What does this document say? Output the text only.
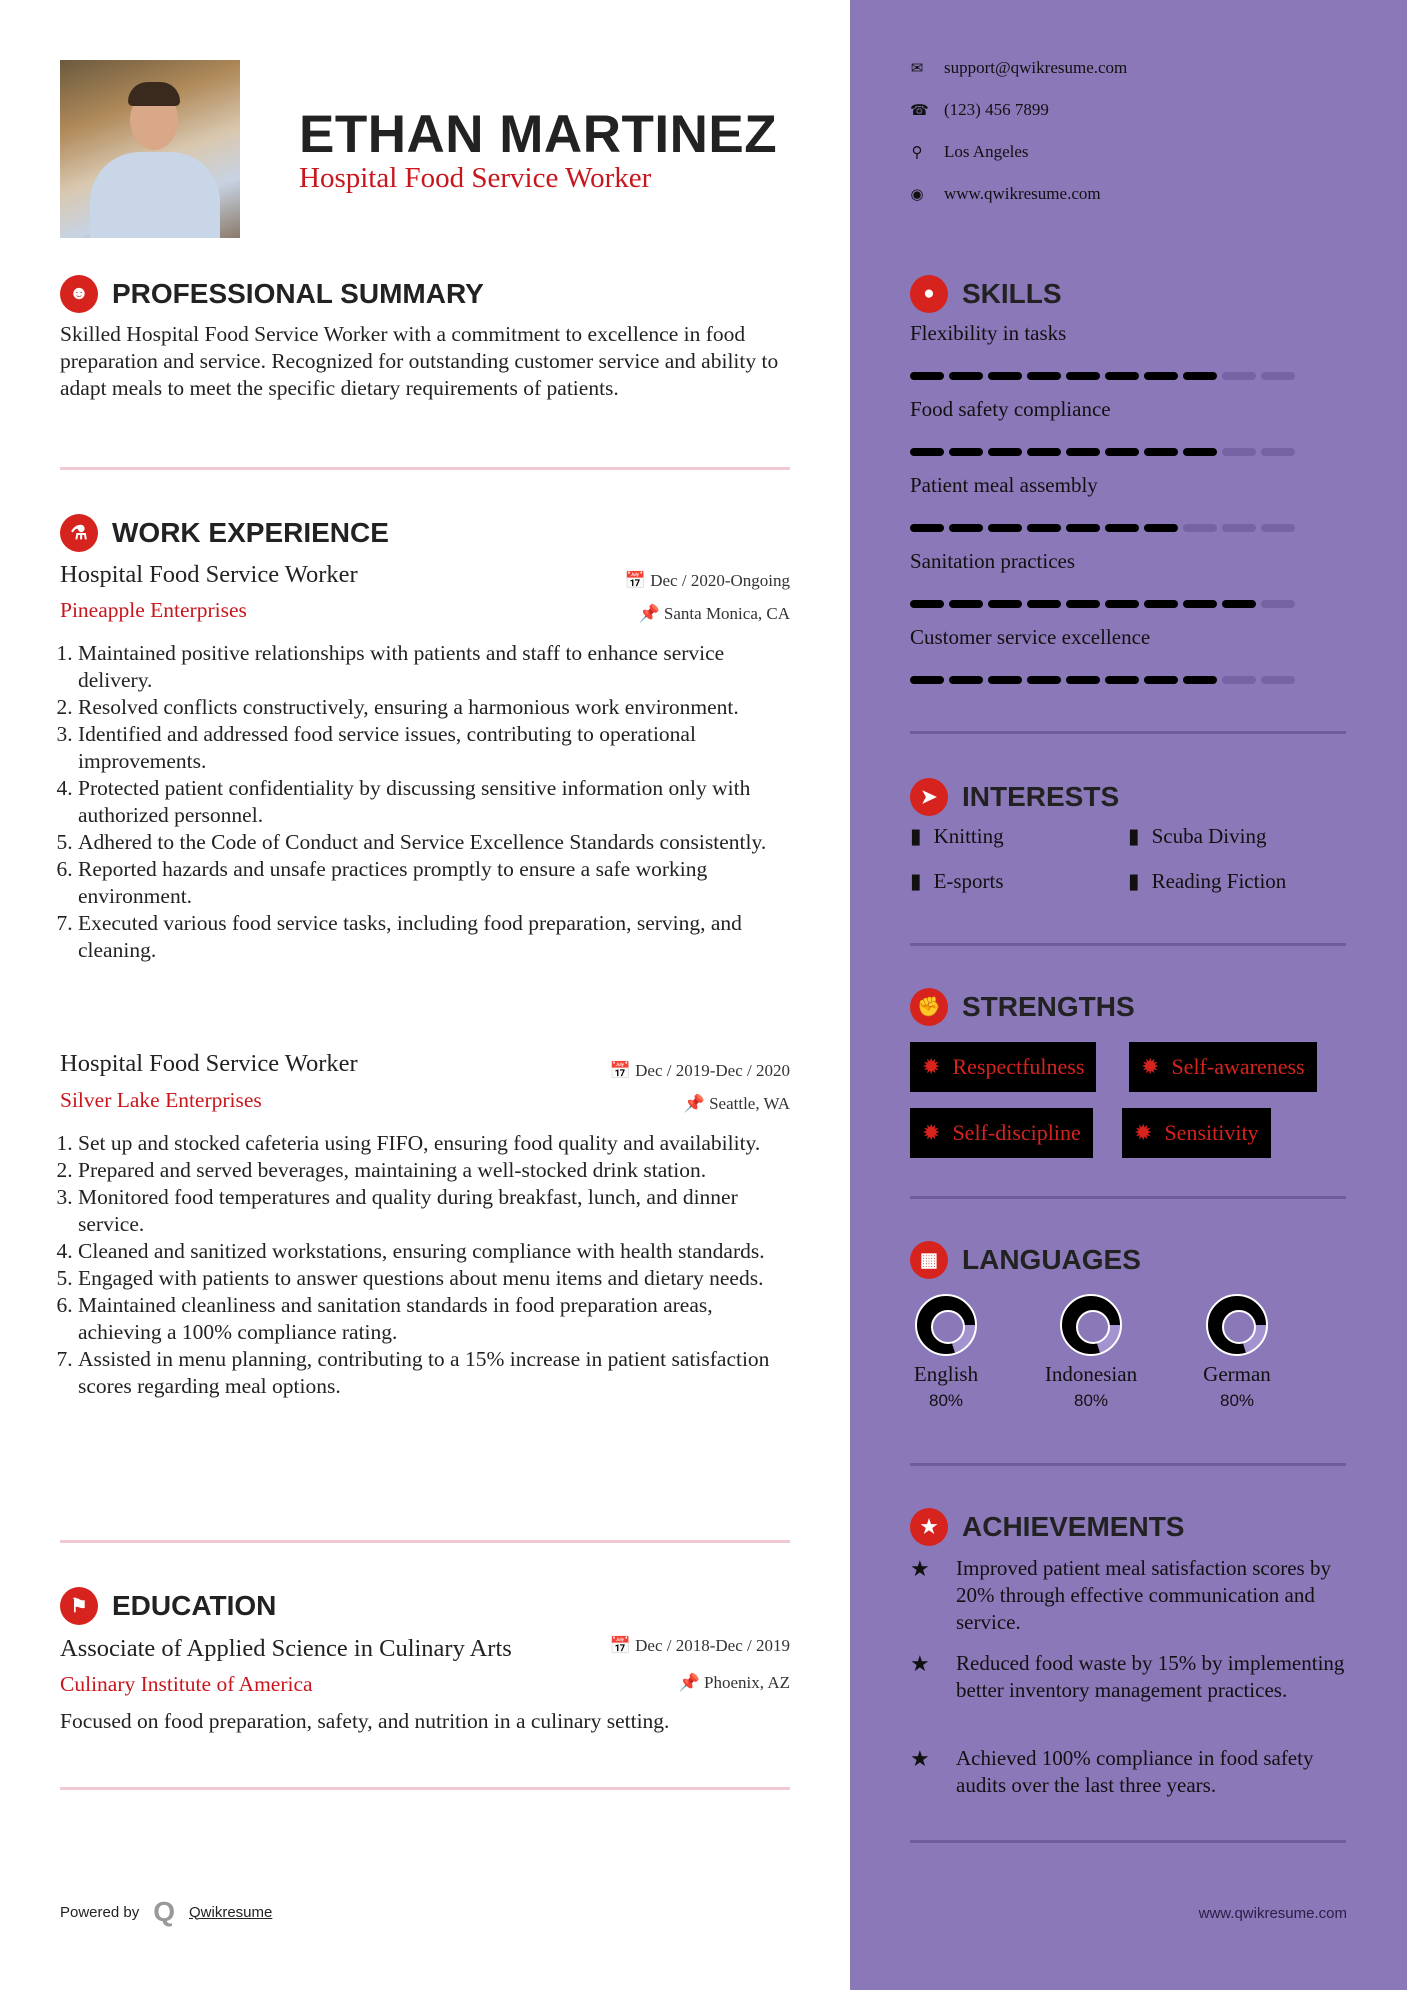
ETHAN MARTINEZ
Hospital Food Service Worker
☻ PROFESSIONAL SUMMARY
Skilled Hospital Food Service Worker with a commitment to excellence in food preparation and service. Recognized for outstanding customer service and ability to adapt meals to meet the specific dietary requirements of patients.
⚗ WORK EXPERIENCE
Hospital Food Service Worker
Pineapple Enterprises
📅 Dec / 2020-Ongoing
📌 Santa Monica, CA
1. Maintained positive relationships with patients and staff to enhance service delivery.
2. Resolved conflicts constructively, ensuring a harmonious work environment.
3. Identified and addressed food service issues, contributing to operational improvements.
4. Protected patient confidentiality by discussing sensitive information only with authorized personnel.
5. Adhered to the Code of Conduct and Service Excellence Standards consistently.
6. Reported hazards and unsafe practices promptly to ensure a safe working environment.
7. Executed various food service tasks, including food preparation, serving, and cleaning.
Hospital Food Service Worker
Silver Lake Enterprises
📅 Dec / 2019-Dec / 2020
📌 Seattle, WA
1. Set up and stocked cafeteria using FIFO, ensuring food quality and availability.
2. Prepared and served beverages, maintaining a well-stocked drink station.
3. Monitored food temperatures and quality during breakfast, lunch, and dinner service.
4. Cleaned and sanitized workstations, ensuring compliance with health standards.
5. Engaged with patients to answer questions about menu items and dietary needs.
6. Maintained cleanliness and sanitation standards in food preparation areas, achieving a 100% compliance rating.
7. Assisted in menu planning, contributing to a 15% increase in patient satisfaction scores regarding meal options.
⚑ EDUCATION
Associate of Applied Science in Culinary Arts
Culinary Institute of America
📅 Dec / 2018-Dec / 2019
📌 Phoenix, AZ
Focused on food preparation, safety, and nutrition in a culinary setting.
Powered by Q Qwikresume
✉ support@qwikresume.com
☎ (123) 456 7899
⚲ Los Angeles
◉ www.qwikresume.com
● SKILLS
Flexibility in tasks
Food safety compliance
Patient meal assembly
Sanitation practices
Customer service excellence
➤ INTERESTS
▮ Knitting	▮ Scuba Diving
▮ E-sports	▮ Reading Fiction
✊ STRENGTHS
✹ Respectfulness	✹ Self-awareness
✹ Self-discipline ✹ Sensitivity
▦ LANGUAGES
English
80%
Indonesian
80%
German
80%
★ ACHIEVEMENTS
★	Improved patient meal satisfaction scores by 20% through effective communication and service.
★	Reduced food waste by 15% by implementing better inventory management practices.
★	Achieved 100% compliance in food safety audits over the last three years.
www.qwikresume.com
